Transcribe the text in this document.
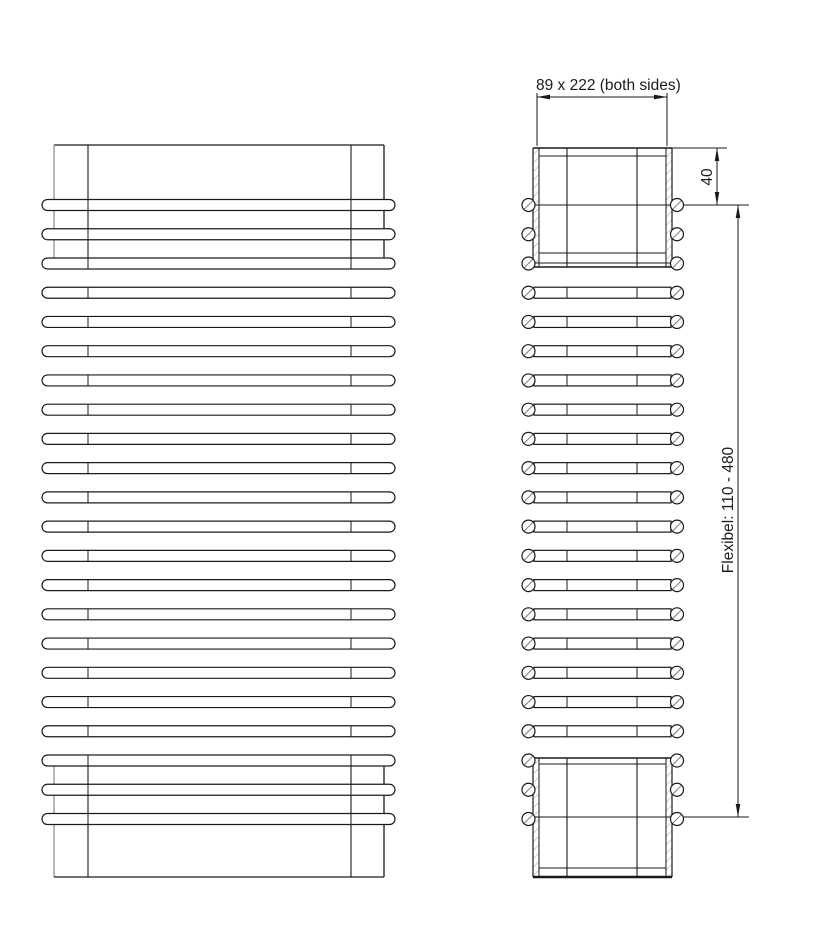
89 x 222 (both sides)
40
Flexibel: 110 - 480
